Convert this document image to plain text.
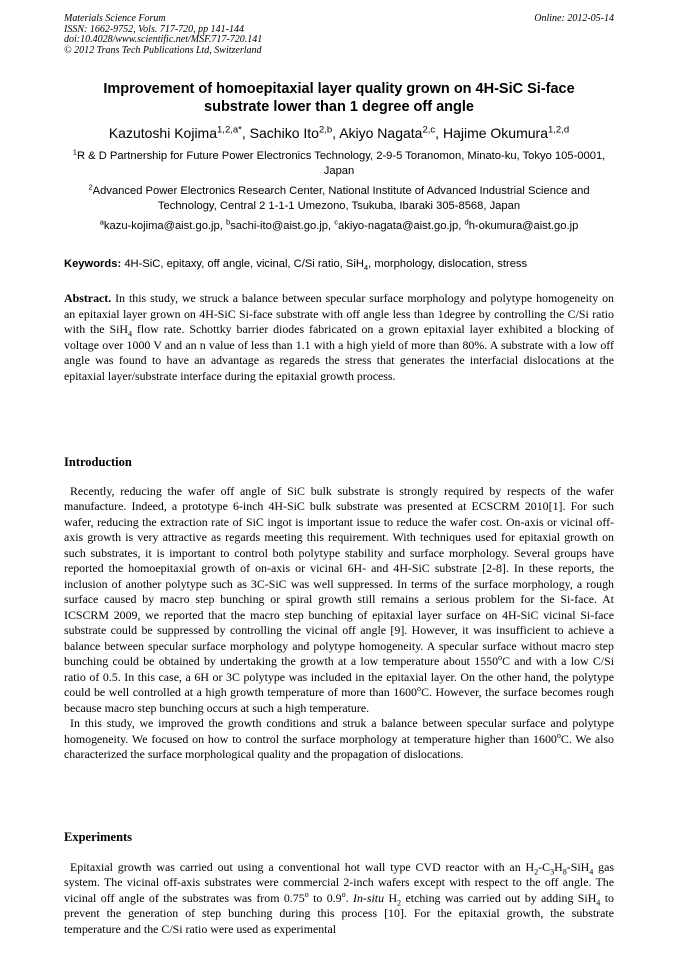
Materials Science Forum
ISSN: 1662-9752, Vols. 717-720, pp 141-144
doi:10.4028/www.scientific.net/MSF.717-720.141
© 2012 Trans Tech Publications Ltd, Switzerland
Online: 2012-05-14
Improvement of homoepitaxial layer quality grown on 4H-SiC Si-face
substrate lower than 1 degree off angle
Kazutoshi Kojima$^{1,2,a*}$, Sachiko Ito$^{2,b}$, Akiyo Nagata$^{2,c}$, Hajime Okumura$^{1,2,d}$
$^1$R & D Partnership for Future Power Electronics Technology, 2-9-5 Toranomon, Minato-ku, Tokyo 105-0001, Japan
$^2$Advanced Power Electronics Research Center, National Institute of Advanced Industrial Science and Technology, Central 2 1-1-1 Umezono, Tsukuba, Ibaraki 305-8568, Japan
$^a$kazu-kojima@aist.go.jp, $^b$sachi-ito@aist.go.jp, $^c$akiyo-nagata@aist.go.jp, $^d$h-okumura@aist.go.jp
Keywords: 4H-SiC, epitaxy, off angle, vicinal, C/Si ratio, SiH$_4$, morphology, dislocation, stress

Abstract. In this study, we struck a balance between specular surface morphology and polytype homogeneity on an epitaxial layer grown on 4H-SiC Si-face substrate with off angle less than 1degree by controlling the C/Si ratio with the SiH$_4$ flow rate. Schottky barrier diodes fabricated on a grown epitaxial layer exhibited a blocking of voltage over 1000 V and an n value of less than 1.1 with a high yield of more than 80%. A substrate with a low off angle was found to have an advantage as regareds the stress that generates the interfacial dislocations at the epitaxial layer/substrate interface during the epitaxial growth process.

Introduction

Recently, reducing the wafer off angle of SiC bulk substrate is strongly required by respects of the wafer manufacture. Indeed, a prototype 6-inch 4H-SiC bulk substrate was presented at ECSCRM 2010[1]. For such wafer, reducing the extraction rate of SiC ingot is important issue to reduce the wafer cost. On-axis or vicinal off-axis growth is very attractive as regards meeting this requirement. With techniques used for epitaxial growth on such substrates, it is important to control both polytype stability and surface morphology. Several groups have reported the homoepitaxial growth of on-axis or vicinal 6H- and 4H-SiC substrate [2-8]. In these reports, the inclusion of another polytype such as 3C-SiC was well suppressed. In terms of the surface morphology, a rough surface caused by macro step bunching or spiral growth still remains a serious problem for the Si-face. At ICSCRM 2009, we reported that the macro step bunching of epitaxial layer surface on 4H-SiC vicinal Si-face substrate could be suppressed by controlling the vicinal off angle [9]. However, it was insufficient to achieve a balance between specular surface morphology and polytype homogeneity. A specular surface without macro step bunching could be obtained by undertaking the growth at a low temperature about 1550$^o$C and with a low C/Si ratio of 0.5. In this case, a 6H or 3C polytype was included in the epitaxial layer. On the other hand, the polytype could be well controlled at a high growth temperature of more than 1600$^o$C. However, the surface becomes rough because macro step bunching occurs at such a high temperature.

In this study, we improved the growth conditions and struk a balance between specular surface and polytype homogeneity. We focused on how to control the surface morphology at temperature higher than 1600$^o$C. We also characterized the surface morphological quality and the propagation of dislocations.

Experiments

Epitaxial growth was carried out using a conventional hot wall type CVD reactor with an $H_2-C_3H_8-SiH_4$ gas system. The vicinal off-axis substrates were commercial 2-inch wafers except with respect to the off angle. The vicinal off angle of the substrates was from 0.75$^o$ to 0.9$^o$. In-situ $H_2$ etching was carried out by adding SiH$_4$ to prevent the generation of step bunching during this process [10]. For the epitaxial growth, the substrate temperature and the C/Si ratio were used as experimental
